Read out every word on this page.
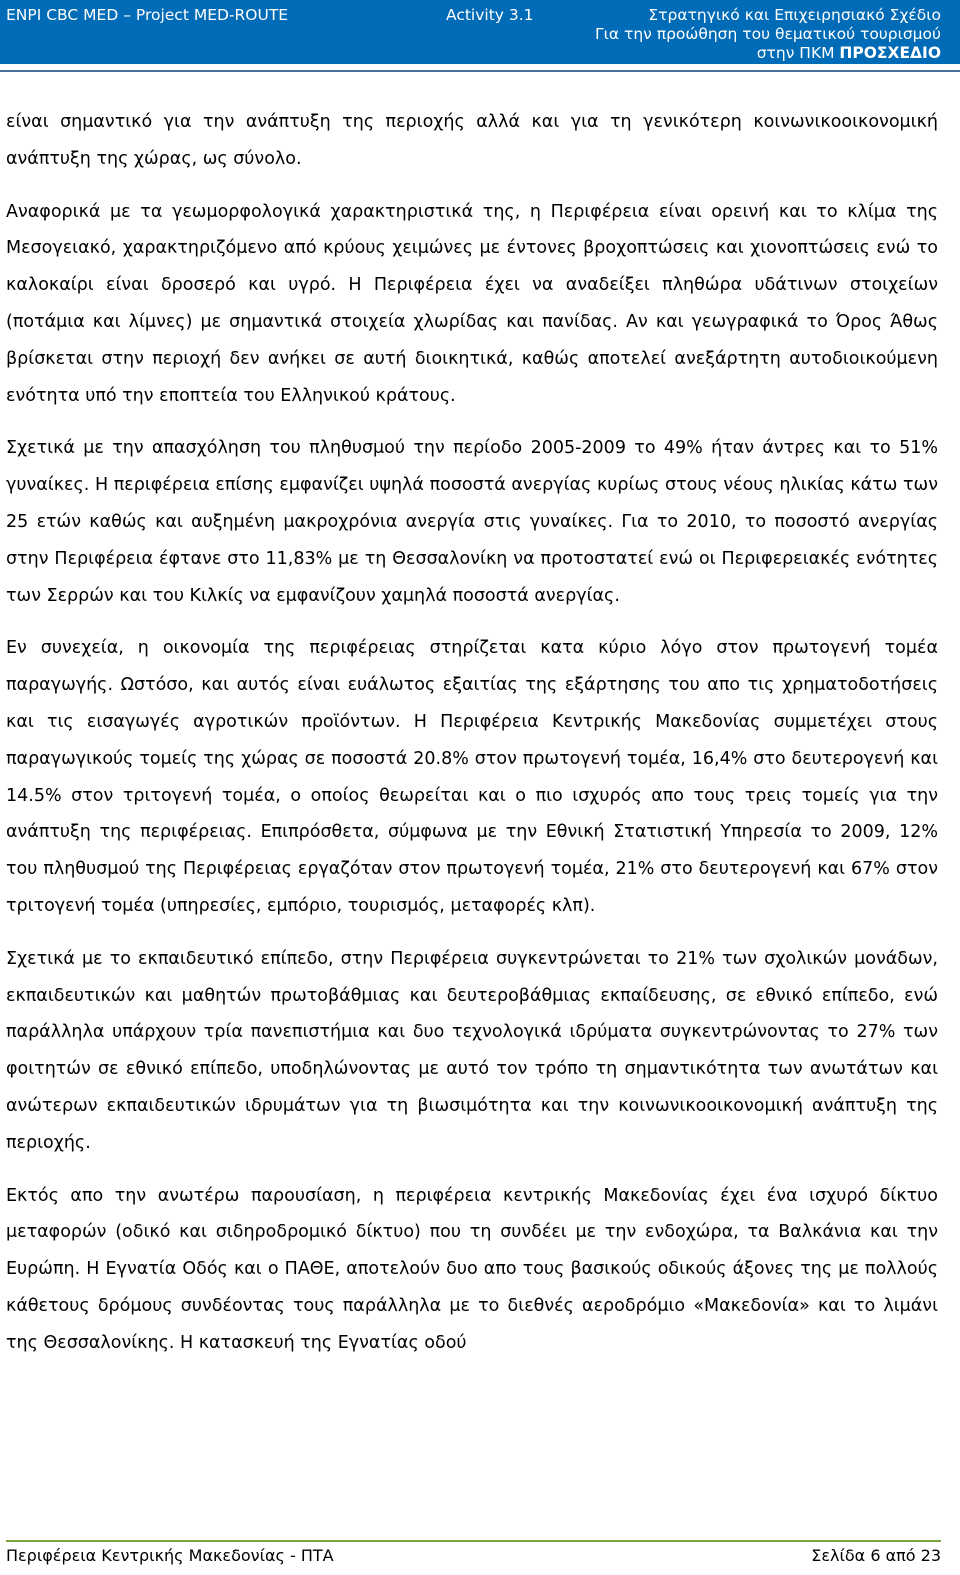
ENPI CBC MED – Project MED-ROUTE	Activity 3.1	Στρατηγικό και Επιχειρησιακό Σχέδιο
Για την προώθηση του θεματικού τουρισμού
στην ΠΚΜ ΠΡΟΣΧΕΔΙΟ

είναι σημαντικό για την ανάπτυξη της περιοχής αλλά και για τη γενικότερη κοινωνικοοικονομική ανάπτυξη της χώρας, ως σύνολο.

Αναφορικά με τα γεωμορφολογικά χαρακτηριστικά της, η Περιφέρεια είναι ορεινή και το κλίμα της Μεσογειακό, χαρακτηριζόμενο από κρύους χειμώνες με έντονες βροχοπτώσεις και χιονοπτώσεις ενώ το καλοκαίρι είναι δροσερό και υγρό. Η Περιφέρεια έχει να αναδείξει πληθώρα υδάτινων στοιχείων (ποτάμια και λίμνες) με σημαντικά στοιχεία χλωρίδας και πανίδας. Αν και γεωγραφικά το Όρος Άθως βρίσκεται στην περιοχή δεν ανήκει σε αυτή διοικητικά, καθώς αποτελεί ανεξάρτητη αυτοδιοικούμενη ενότητα υπό την εποπτεία του Ελληνικού κράτους.

Σχετικά με την απασχόληση του πληθυσμού την περίοδο 2005-2009 το 49% ήταν άντρες και το 51% γυναίκες. Η περιφέρεια επίσης εμφανίζει υψηλά ποσοστά ανεργίας κυρίως στους νέους ηλικίας κάτω των 25 ετών καθώς και αυξημένη μακροχρόνια ανεργία στις γυναίκες. Για το 2010, το ποσοστό ανεργίας στην Περιφέρεια έφτανε στο 11,83% με τη Θεσσαλονίκη να προτοστατεί ενώ οι Περιφερειακές ενότητες των Σερρών και του Κιλκίς να εμφανίζουν χαμηλά ποσοστά ανεργίας.

Εν συνεχεία, η οικονομία της περιφέρειας στηρίζεται κατα κύριο λόγο στον πρωτογενή τομέα παραγωγής. Ωστόσο, και αυτός είναι ευάλωτος εξαιτίας της εξάρτησης του απο τις χρηματοδοτήσεις και τις εισαγωγές αγροτικών προϊόντων. Η Περιφέρεια Κεντρικής Μακεδονίας συμμετέχει στους παραγωγικούς τομείς της χώρας σε ποσοστά 20.8% στον πρωτογενή τομέα, 16,4% στο δευτερογενή και 14.5% στον τριτογενή τομέα, ο οποίος θεωρείται και ο πιο ισχυρός απο τους τρεις τομείς για την ανάπτυξη της περιφέρειας. Επιπρόσθετα, σύμφωνα με την Εθνική Στατιστική Υπηρεσία το 2009, 12% του πληθυσμού της Περιφέρειας εργαζόταν στον πρωτογενή τομέα, 21% στο δευτερογενή και 67% στον τριτογενή τομέα (υπηρεσίες, εμπόριο, τουρισμός, μεταφορές κλπ).

Σχετικά με το εκπαιδευτικό επίπεδο, στην Περιφέρεια συγκεντρώνεται το 21% των σχολικών μονάδων, εκπαιδευτικών και μαθητών πρωτοβάθμιας και δευτεροβάθμιας εκπαίδευσης, σε εθνικό επίπεδο, ενώ παράλληλα υπάρχουν τρία πανεπιστήμια και δυο τεχνολογικά ιδρύματα συγκεντρώνοντας το 27% των φοιτητών σε εθνικό επίπεδο, υποδηλώνοντας με αυτό τον τρόπο τη σημαντικότητα των ανωτάτων και ανώτερων εκπαιδευτικών ιδρυμάτων για τη βιωσιμότητα και την κοινωνικοοικονομική ανάπτυξη της περιοχής.

Εκτός απο την ανωτέρω παρουσίαση, η περιφέρεια κεντρικής Μακεδονίας έχει ένα ισχυρό δίκτυο μεταφορών (οδικό και σιδηροδρομικό δίκτυο) που τη συνδέει με την ενδοχώρα, τα Βαλκάνια και την Ευρώπη. Η Εγνατία Οδός και ο ΠΑΘΕ, αποτελούν δυο απο τους βασικούς οδικούς άξονες της με πολλούς κάθετους δρόμους συνδέοντας τους παράλληλα με το διεθνές αεροδρόμιο «Μακεδονία» και το λιμάνι της Θεσσαλονίκης. Η κατασκευή της Εγνατίας οδού

Περιφέρεια Κεντρικής Μακεδονίας - ΠΤΑ	Σελίδα 6 από 23
